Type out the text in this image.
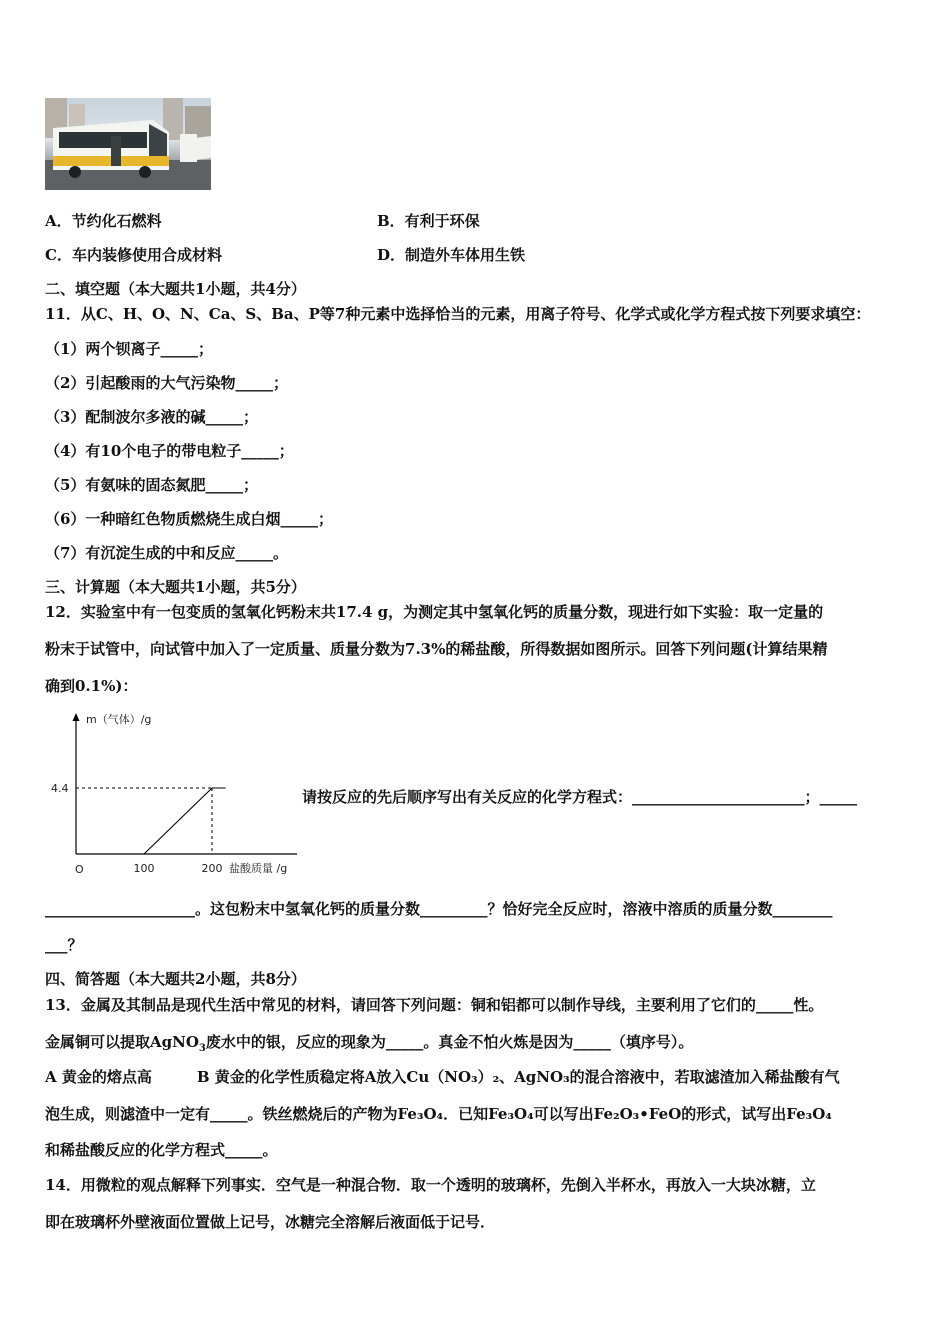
A．节约化石燃料	B．有利于环保
C．车内装修使用合成材料	D．制造外车体用生铁
二、填空题（本大题共1小题，共4分）
11．从C、H、O、N、Ca、S、Ba、P等7种元素中选择恰当的元素，用离子符号、化学式或化学方程式按下列要求填空：
（1）两个钡离子_____；
（2）引起酸雨的大气污染物_____；
（3）配制波尔多液的碱_____；
（4）有10个电子的带电粒子_____；
（5）有氨味的固态氮肥_____；
（6）一种暗红色物质燃烧生成白烟_____；
（7）有沉淀生成的中和反应_____。
三、计算题（本大题共1小题，共5分）
12．实验室中有一包变质的氢氧化钙粉末共17.4 g，为测定其中氢氧化钙的质量分数，现进行如下实验：取一定量的
粉末于试管中，向试管中加入了一定质量、质量分数为7.3%的稀盐酸，所得数据如图所示。回答下列问题(计算结果精
确到0.1%)：
m（气体）/g
盐酸质量 /g
O	100	200
4.4	请按反应的先后顺序写出有关反应的化学方程式：_______________________；_____
____________________。这包粉末中氢氧化钙的质量分数_________？恰好完全反应时，溶液中溶质的质量分数________
___？
四、简答题（本大题共2小题，共8分）
13．金属及其制品是现代生活中常见的材料，请回答下列问题：铜和铝都可以制作导线，主要利用了它们的_____性。
金属铜可以提取AgNO$_3$废水中的银，反应的现象为_____。真金不怕火炼是因为_____（填序号）。
A 黄金的熔点高　　　B 黄金的化学性质稳定将A放入Cu（NO₃）₂、AgNO₃的混合溶液中，若取滤渣加入稀盐酸有气
泡生成，则滤渣中一定有_____。铁丝燃烧后的产物为Fe₃O₄．已知Fe₃O₄可以写出Fe₂O₃•FeO的形式，试写出Fe₃O₄
和稀盐酸反应的化学方程式_____。
14．用微粒的观点解释下列事实．空气是一种混合物．取一个透明的玻璃杯，先倒入半杯水，再放入一大块冰糖，立
即在玻璃杯外壁液面位置做上记号，冰糖完全溶解后液面低于记号．
